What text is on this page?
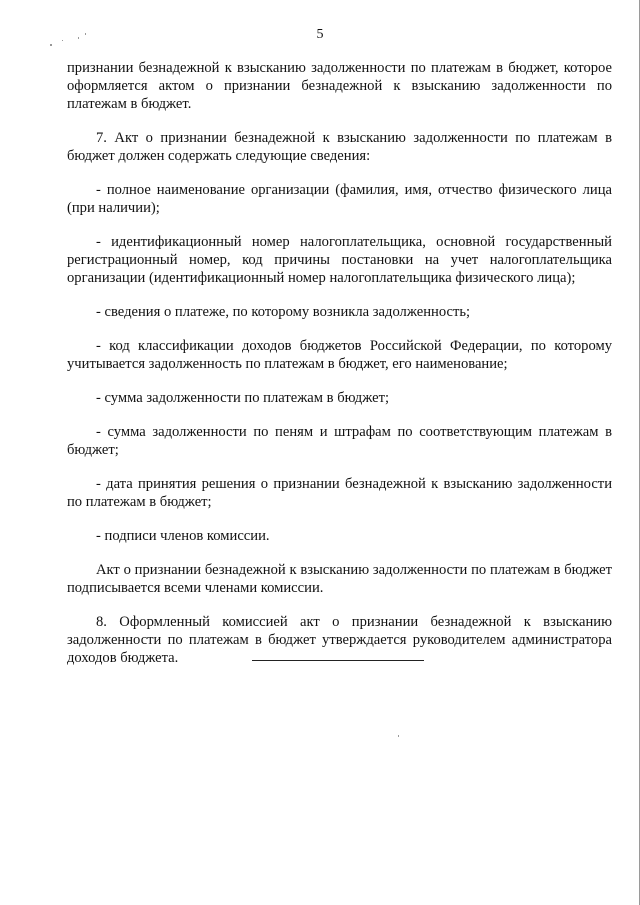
5

признании безнадежной к взысканию задолженности по платежам в бюджет, которое оформляется актом о признании безнадежной к взысканию задолженности по платежам в бюджет.

7. Акт о признании безнадежной к взысканию задолженности по платежам в бюджет должен содержать следующие сведения:

- полное наименование организации (фамилия, имя, отчество физического лица (при наличии);

- идентификационный номер налогоплательщика, основной государственный регистрационный номер, код причины постановки на учет налогоплательщика организации (идентификационный номер налогоплательщика физического лица);

- сведения о платеже, по которому возникла задолженность;

- код классификации доходов бюджетов Российской Федерации, по которому учитывается задолженность по платежам в бюджет, его наименование;

- сумма задолженности по платежам в бюджет;

- сумма задолженности по пеням и штрафам по соответствующим платежам в бюджет;

- дата принятия решения о признании безнадежной к взысканию задолженности по платежам в бюджет;

- подписи членов комиссии.

Акт о признании безнадежной к взысканию задолженности по платежам в бюджет подписывается всеми членами комиссии.

8. Оформленный комиссией акт о признании безнадежной к взысканию задолженности по платежам в бюджет утверждается руководителем администратора доходов бюджета.
